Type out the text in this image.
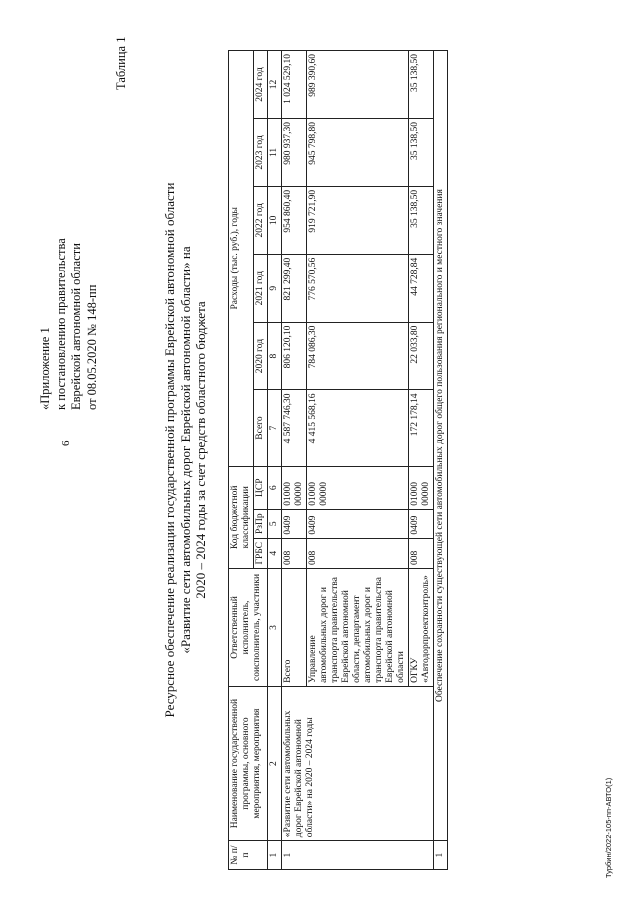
6
Турбин/2022-105-пп-АВТО(1)
«Приложение 1 к постановлению правительства Еврейской автономной области от 08.05.2020 № 148-пп
Таблица 1
Ресурсное обеспечение реализации государственной программы Еврейской автономной области «Развитие сети автомобильных дорог Еврейской автономной области» на 2020 – 2024 годы за счет средств областного бюджета
№ п/п	Наименование государственной программы, основного мероприятия, мероприятия	Ответственный исполнитель, соисполнитель, участники	Код бюджетной классификации			Расходы (тыс. руб.), годы					
			ГРБС	РзПр	ЦСР	Всего	2020 год	2021 год	2022 год	2023 год	2024 год
1	2	3	4	5	6	7	8	9	10	11	12
1	«Развитие сети автомобильных дорог Еврейской автономной области» на 2020 – 2024 годы	Всего	008	0409	01000 00000	4 587 746,30	806 120,10	821 299,40	954 860,40	980 937,30	1 024 529,10
		Управление автомобильных дорог и транспорта правительства Еврейской автономной области, департамент автомобильных дорог и транспорта правительства Еврейской автономной области	008	0409	01000 00000	4 415 568,16	784 086,30	776 570,56	919 721,90	945 798,80	989 390,60
		ОГКУ «Автодорпроектконтроль»	008	0409	01000 00000	172 178,14	22 033,80	44 728,84	35 138,50	35 138,50	35 138,50
1	Обеспечение сохранности существующей сети автомобильных дорог общего пользования регионального и местного значения										
